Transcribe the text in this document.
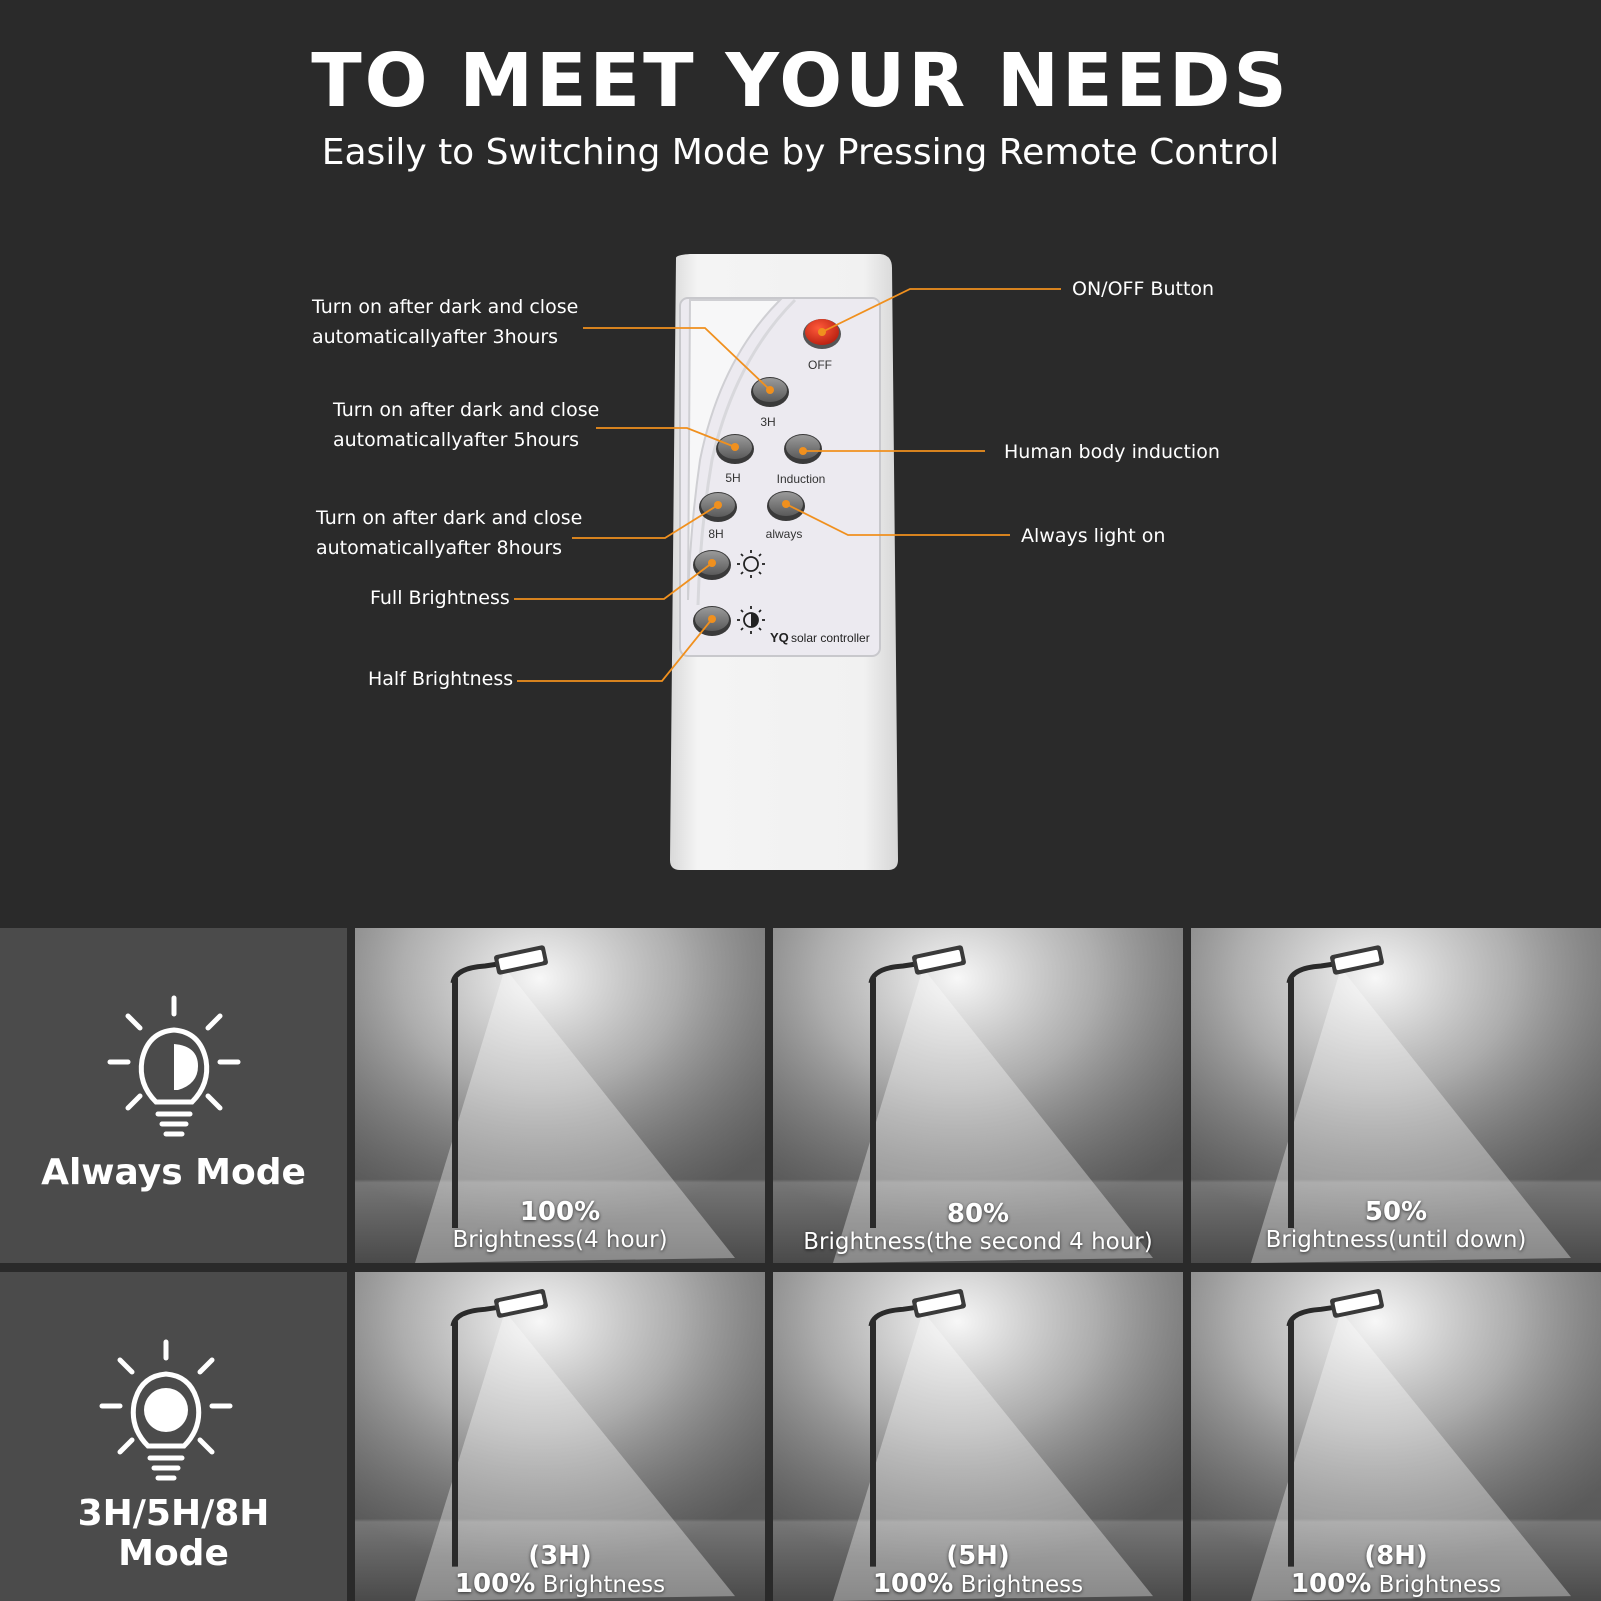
TO MEET YOUR NEEDS

Easily to Switching Mode by Pressing Remote Control

OFF
3H
5H	Induction
8H	always
YQ solar controller
Turn on after dark and close
automaticallyafter 3hours
Turn on after dark and close
automaticallyafter 5hours
Turn on after dark and close
automaticallyafter 8hours
Full Brightness
Half Brightness
ON/OFF Button
Human body induction
Always light on
Always Mode
3H/5H/8H
Mode
100%
Brightness(4 hour)
80%
Brightness(the second 4 hour)
50%
Brightness(until down)
(3H)
100% Brightness
(5H)
100% Brightness
(8H)
100% Brightness
